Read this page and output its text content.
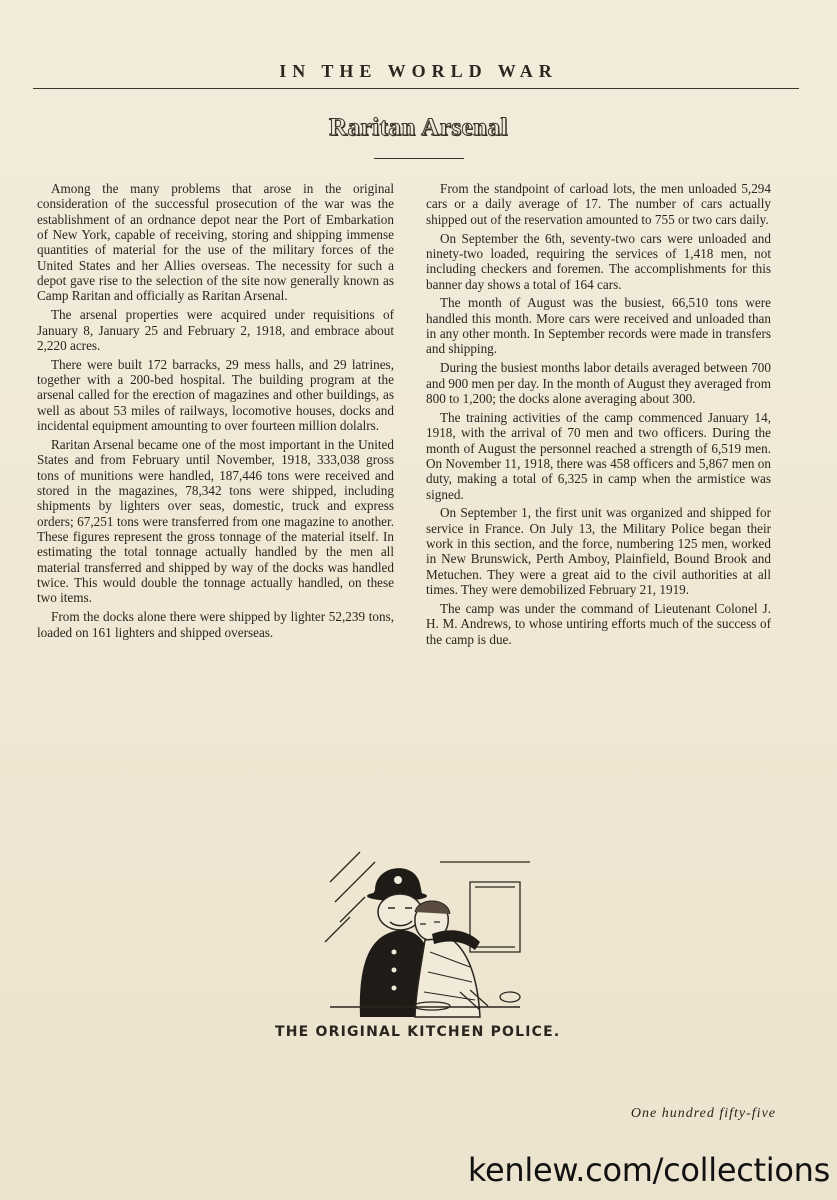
IN THE WORLD WAR
Raritan Arsenal

Among the many problems that arose in the original consideration of the successful prosecution of the war was the establishment of an ordnance depot near the Port of Embarkation of New York, capable of receiving, storing and shipping immense quantities of material for the use of the military forces of the United States and her Allies overseas. The necessity for such a depot gave rise to the selection of the site now generally known as Camp Raritan and officially as Raritan Arsenal.

The arsenal properties were acquired under requisitions of January 8, January 25 and February 2, 1918, and embrace about 2,220 acres.

There were built 172 barracks, 29 mess halls, and 29 latrines, together with a 200-bed hospital. The building program at the arsenal called for the erection of magazines and other buildings, as well as about 53 miles of railways, locomotive houses, docks and incidental equipment amounting to over fourteen million dolalrs.

Raritan Arsenal became one of the most important in the United States and from February until November, 1918, 333,038 gross tons of munitions were handled, 187,446 tons were received and stored in the magazines, 78,342 tons were shipped, including shipments by lighters over seas, domestic, truck and express orders; 67,251 tons were transferred from one magazine to another. These figures represent the gross tonnage of the material itself. In estimating the total tonnage actually handled by the men all material transferred and shipped by way of the docks was handled twice. This would double the tonnage actually handled, on these two items.

From the docks alone there were shipped by lighter 52,239 tons, loaded on 161 lighters and shipped overseas.

From the standpoint of carload lots, the men unloaded 5,294 cars or a daily average of 17. The number of cars actually shipped out of the reservation amounted to 755 or two cars daily.

On September the 6th, seventy-two cars were unloaded and ninety-two loaded, requiring the services of 1,418 men, not including checkers and foremen. The accomplishments for this banner day shows a total of 164 cars.

The month of August was the busiest, 66,510 tons were handled this month. More cars were received and unloaded than in any other month. In September records were made in transfers and shipping.

During the busiest months labor details averaged between 700 and 900 men per day. In the month of August they averaged from 800 to 1,200; the docks alone averaging about 300.

The training activities of the camp commenced January 14, 1918, with the arrival of 70 men and two officers. During the month of August the personnel reached a strength of 6,519 men. On November 11, 1918, there was 458 officers and 5,867 men on duty, making a total of 6,325 in camp when the armistice was signed.

On September 1, the first unit was organized and shipped for service in France. On July 13, the Military Police began their work in this section, and the force, numbering 125 men, worked in New Brunswick, Perth Amboy, Plainfield, Bound Brook and Metuchen. They were a great aid to the civil authorities at all times. They were demobilized February 21, 1919.

The camp was under the command of Lieutenant Colonel J. H. M. Andrews, to whose untiring efforts much of the success of the camp is due.

THE ORIGINAL KITCHEN POLICE.
One hundred fifty-five
kenlew.com/collections
